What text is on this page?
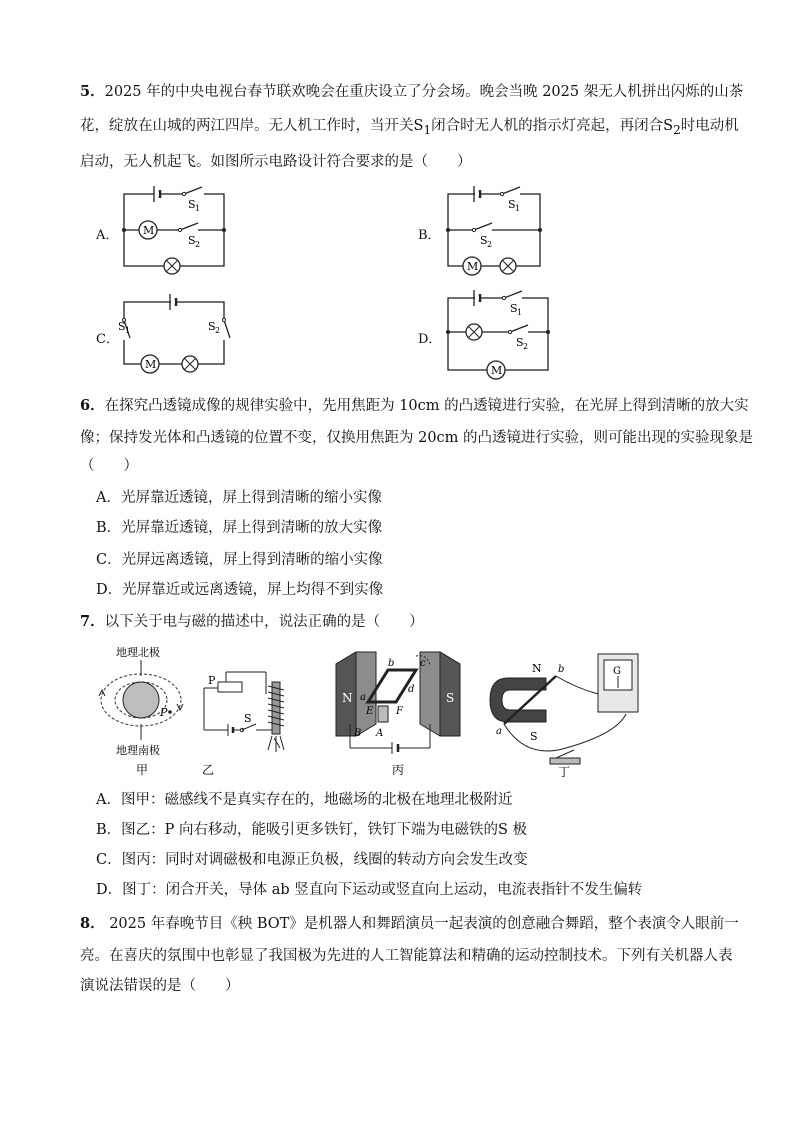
5．2025 年的中央电视台春节联欢晚会在重庆设立了分会场。晚会当晚 2025 架无人机拼出闪烁的山茶
花，绽放在山城的两江四岸。无人机工作时，当开关$S_1$闭合时无人机的指示灯亮起，再闭合$S_2$时电动机
启动，无人机起飞。如图所示电路设计符合要求的是（　　）
A．
S 1
M
S 2
B．
S 1
S 2
M
C．
S 1	S 2
M
D．
S 1
S 2
M
6．在探究凸透镜成像的规律实验中，先用焦距为 10cm 的凸透镜进行实验，在光屏上得到清晰的放大实
像；保持发光体和凸透镜的位置不变，仅换用焦距为 20cm 的凸透镜进行实验，则可能出现的实验现象是
（　　）
A．光屏靠近透镜，屏上得到清晰的缩小实像
B．光屏靠近透镜，屏上得到清晰的放大实像
C．光屏远离透镜，屏上得到清晰的缩小实像
D．光屏靠近或远离透镜，屏上均得不到实像
7．以下关于电与磁的描述中，说法正确的是（　　）
地理北极
P
地理南极
甲
P
S
乙
N	S
b	c
a
d
E F
B A
丙
N
S
a
b	G
丁
A．图甲：磁感线不是真实存在的，地磁场的北极在地理北极附近
B．图乙：P 向右移动，能吸引更多铁钉，铁钉下端为电磁铁的S 极
C．图丙：同时对调磁极和电源正负极，线圈的转动方向会发生改变
D．图丁：闭合开关，导体 ab 竖直向下运动或竖直向上运动，电流表指针不发生偏转
8． 2025 年春晚节目《秧 BOT》是机器人和舞蹈演员一起表演的创意融合舞蹈，整个表演令人眼前一
亮。在喜庆的氛围中也彰显了我国极为先进的人工智能算法和精确的运动控制技术。下列有关机器人表
演说法错误的是（　　）
